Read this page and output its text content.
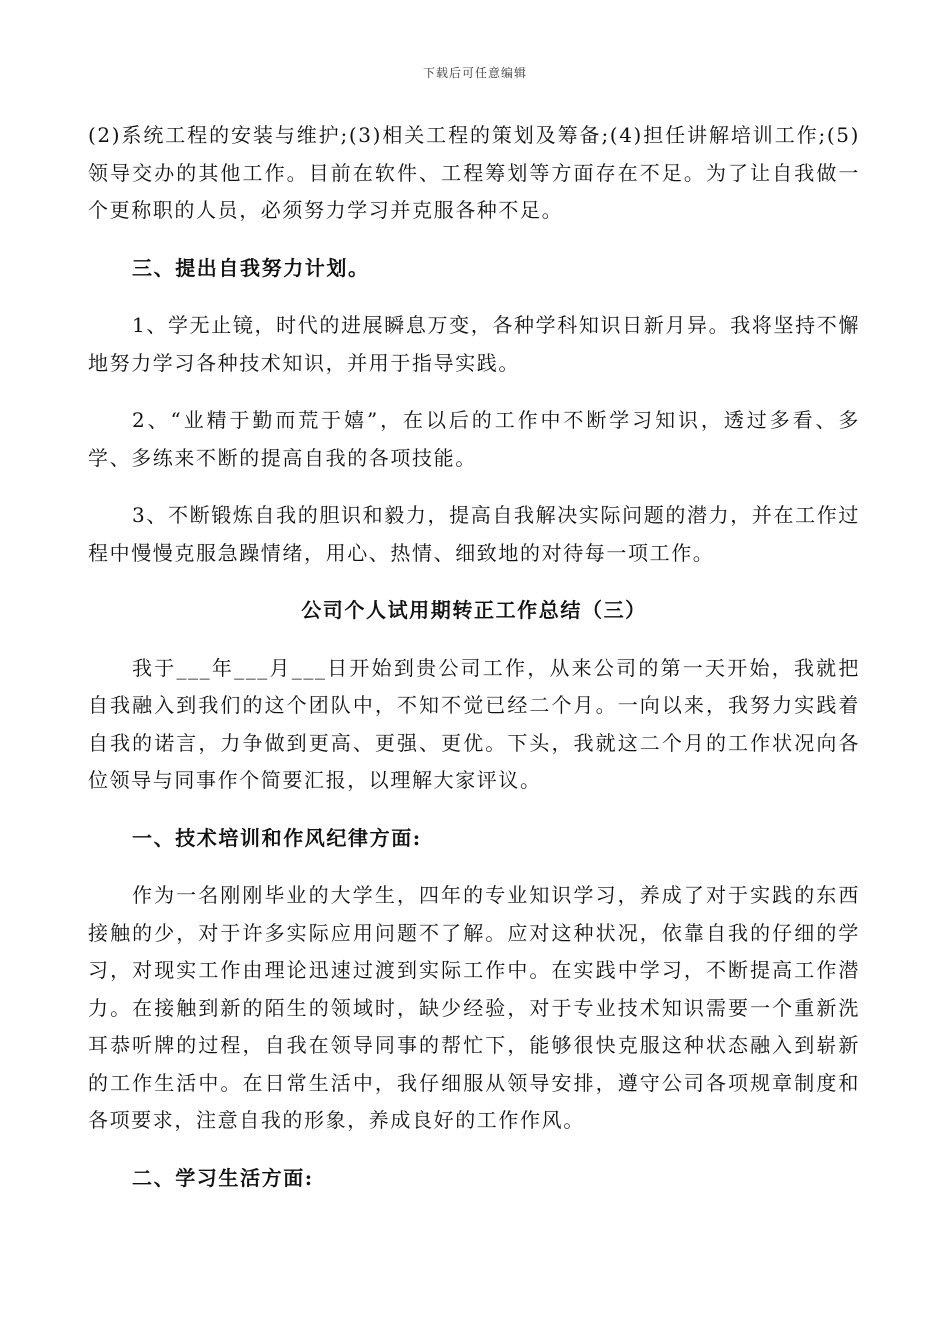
下载后可任意编辑

(2)系统工程的安装与维护;(3)相关工程的策划及筹备;(4)担任讲解培训工作;(5)领导交办的其他工作。目前在软件、工程筹划等方面存在不足。为了让自我做一个更称职的人员，必须努力学习并克服各种不足。

三、提出自我努力计划。

1、学无止镜，时代的进展瞬息万变，各种学科知识日新月异。我将坚持不懈地努力学习各种技术知识，并用于指导实践。

2、“业精于勤而荒于嬉”，在以后的工作中不断学习知识，透过多看、多学、多练来不断的提高自我的各项技能。

3、不断锻炼自我的胆识和毅力，提高自我解决实际问题的潜力，并在工作过程中慢慢克服急躁情绪，用心、热情、细致地的对待每一项工作。

公司个人试用期转正工作总结（三）

我于___年___月___日开始到贵公司工作，从来公司的第一天开始，我就把自我融入到我们的这个团队中，不知不觉已经二个月。一向以来，我努力实践着自我的诺言，力争做到更高、更强、更优。下头，我就这二个月的工作状况向各位领导与同事作个简要汇报，以理解大家评议。

一、技术培训和作风纪律方面:

作为一名刚刚毕业的大学生，四年的专业知识学习，养成了对于实践的东西接触的少，对于许多实际应用问题不了解。应对这种状况，依靠自我的仔细的学习，对现实工作由理论迅速过渡到实际工作中。在实践中学习，不断提高工作潜力。在接触到新的陌生的领域时，缺少经验，对于专业技术知识需要一个重新洗耳恭听牌的过程，自我在领导同事的帮忙下，能够很快克服这种状态融入到崭新的工作生活中。在日常生活中，我仔细服从领导安排，遵守公司各项规章制度和各项要求，注意自我的形象，养成良好的工作作风。

二、学习生活方面:
